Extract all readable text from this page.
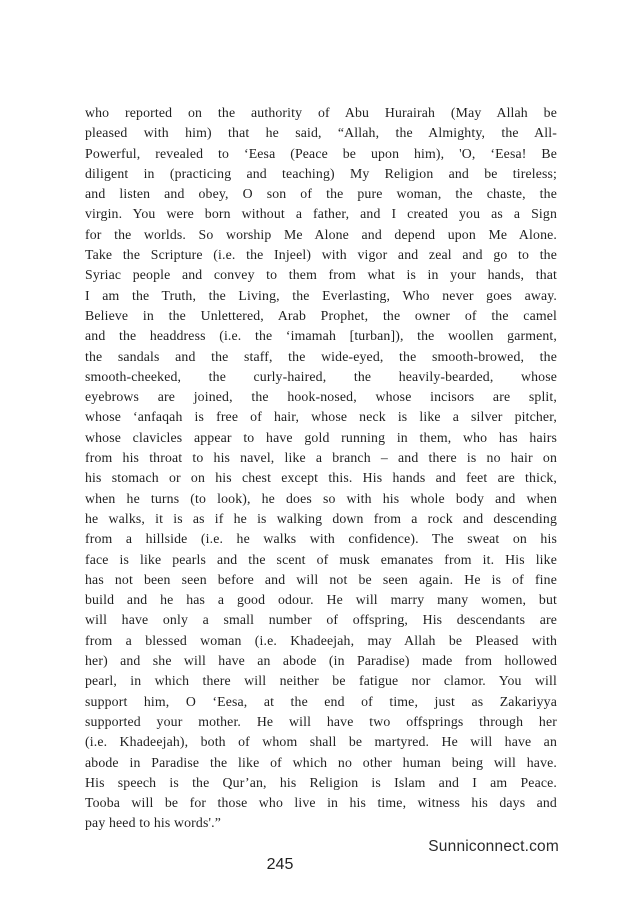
who reported on the authority of Abu Hurairah (May Allah be
pleased with him) that he said, “Allah, the Almighty, the All-
Powerful, revealed to ‘Eesa (Peace be upon him), 'O, ‘Eesa! Be
diligent in (practicing and teaching) My Religion and be tireless;
and listen and obey, O son of the pure woman, the chaste, the
virgin. You were born without a father, and I created you as a Sign
for the worlds. So worship Me Alone and depend upon Me Alone.
Take the Scripture (i.e. the Injeel) with vigor and zeal and go to the
Syriac people and convey to them from what is in your hands, that
I am the Truth, the Living, the Everlasting, Who never goes away.
Believe in the Unlettered, Arab Prophet, the owner of the camel
and the headdress (i.e. the ‘imamah [turban]), the woollen garment,
the sandals and the staff, the wide-eyed, the smooth-browed, the
smooth-cheeked, the curly-haired, the heavily-bearded, whose
eyebrows are joined, the hook-nosed, whose incisors are split,
whose ‘anfaqah is free of hair, whose neck is like a silver pitcher,
whose clavicles appear to have gold running in them, who has hairs
from his throat to his navel, like a branch – and there is no hair on
his stomach or on his chest except this. His hands and feet are thick,
when he turns (to look), he does so with his whole body and when
he walks, it is as if he is walking down from a rock and descending
from a hillside (i.e. he walks with confidence). The sweat on his
face is like pearls and the scent of musk emanates from it. His like
has not been seen before and will not be seen again. He is of fine
build and he has a good odour. He will marry many women, but
will have only a small number of offspring, His descendants are
from a blessed woman (i.e. Khadeejah, may Allah be Pleased with
her) and she will have an abode (in Paradise) made from hollowed
pearl, in which there will neither be fatigue nor clamor. You will
support him, O ‘Eesa, at the end of time, just as Zakariyya
supported your mother. He will have two offsprings through her
(i.e. Khadeejah), both of whom shall be martyred. He will have an
abode in Paradise the like of which no other human being will have.
His speech is the Qur’an, his Religion is Islam and I am Peace.
Tooba will be for those who live in his time, witness his days and
pay heed to his words'.”
Sunniconnect.com
245
